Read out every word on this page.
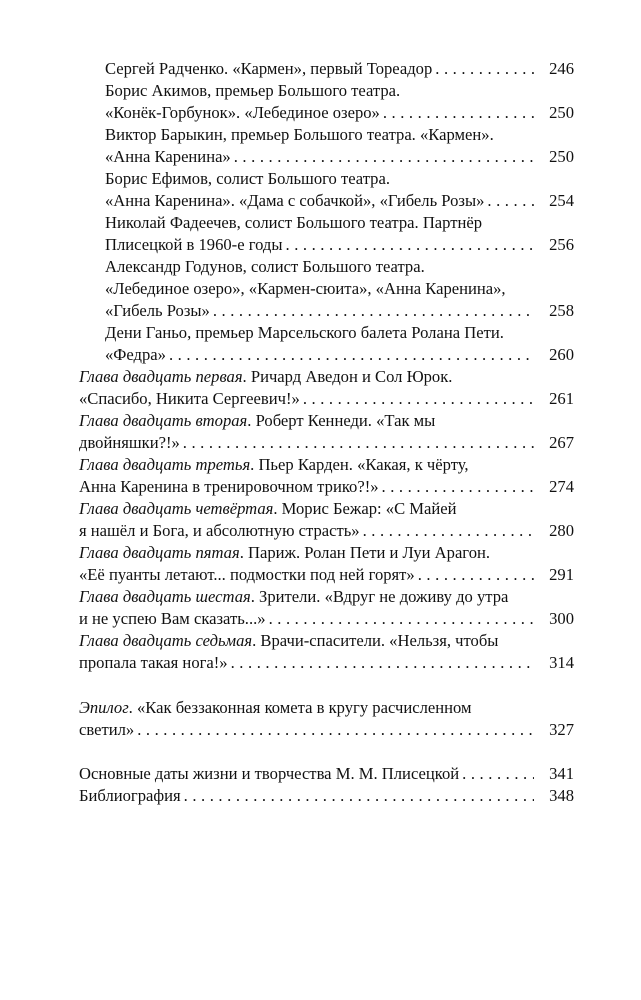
Сергей Радченко. «Кармен», первый Тореадор . . .	246
Борис Акимов, премьер Большого театра.
«Конёк-Горбунок». «Лебединое озеро» . . .	250
Виктор Барыкин, премьер Большого театра. «Кармен».
«Анна Каренина» . . .	250
Борис Ефимов, солист Большого театра.
«Анна Каренина». «Дама с собачкой», «Гибель Розы» . . .	254
Николай Фадеечев, солист Большого театра. Партнёр
Плисецкой в 1960-е годы . . .	256
Александр Годунов, солист Большого театра.
«Лебединое озеро», «Кармен-сюита», «Анна Каренина»,
«Гибель Розы» . . .	258
Дени Ганьо, премьер Марсельского балета Ролана Пети.
«Федра» . . .	260
Глава двадцать первая. Ричард Аведон и Сол Юрок.
«Спасибо, Никита Сергеевич!» . . .	261
Глава двадцать вторая. Роберт Кеннеди. «Так мы
двойняшки?!» . . .	267
Глава двадцать третья. Пьер Карден. «Какая, к чёрту,
Анна Каренина в тренировочном трико?!» . . .	274
Глава двадцать четвёртая. Морис Бежар: «С Майей
я нашёл и Бога, и абсолютную страсть» . . .	280
Глава двадцать пятая. Париж. Ролан Пети и Луи Арагон.
«Её пуанты летают... подмостки под ней горят» . . .	291
Глава двадцать шестая. Зрители. «Вдруг не доживу до утра
и не успею Вам сказать...» . . .	300
Глава двадцать седьмая. Врачи-спасители. «Нельзя, чтобы
пропала такая нога!» . . .	314
Эпилог. «Как беззаконная комета в кругу расчисленном
светил» . . .	327
Основные даты жизни и творчества М. М. Плисецкой . . .	341
Библиография . . .	348
